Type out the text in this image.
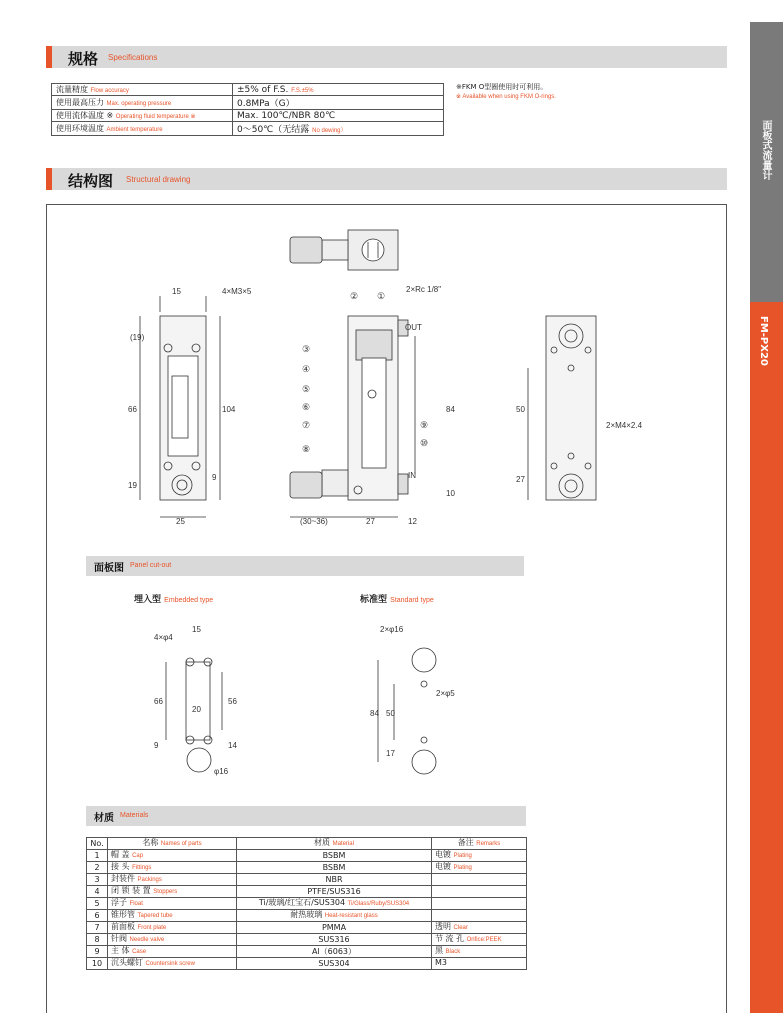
规格 Specifications
流量精度 Flow accuracy	±5% of F.S. F.S.±5%
使用最高压力 Max. operating pressure	0.8MPa（G）
使用流体温度 ※ Operating fluid temperature ※	Max. 100℃/NBR 80℃
使用环境温度 Ambient temperature	0～50℃（无结露 No dewing）
※FKM O型圈使用时可利用。
※ Available when using FKM O-rings.
面板式流量计
FM-PX20
结构图 Structural drawing
15	4×M3×5
(19)
66	104
9
19
25
2×Rc 1/8"
OUT
IN
84
10
(30~36)	27	12
①
②
③
④
⑤
⑥
⑦
⑧
⑨
⑩
50
27
2×M4×2.4
4×φ4
15
66	56
20
9	14
φ16
2×φ16
2×φ5
84 50
17
面板图 Panel cut-out
埋入型 Embedded type	标准型 Standard type
材质 Materials
No.	名称 Names of parts	材质 Material	备注 Remarks
1	帽 盖 Cap	BSBM	电镀 Plating
2	接 头 Fittings	BSBM	电镀 Plating
3	封装件 Packings	NBR	
4	闭 锁 装 置 Stoppers	PTFE/SUS316	
5	浮子 Float	Ti/玻璃/红宝石/SUS304 Ti/Glass/Ruby/SUS304	
6	锥形管 Tapered tube	耐热玻璃 Heat-resistant glass	
7	前面板 Front plate	PMMA	透明 Clear
8	针阀 Needle valve	SUS316	节 流 孔 Orifice:PEEK
9	主 体 Case	Al（6063）	黑 Black
10	沉头螺钉 Countersink screw	SUS304	M3
